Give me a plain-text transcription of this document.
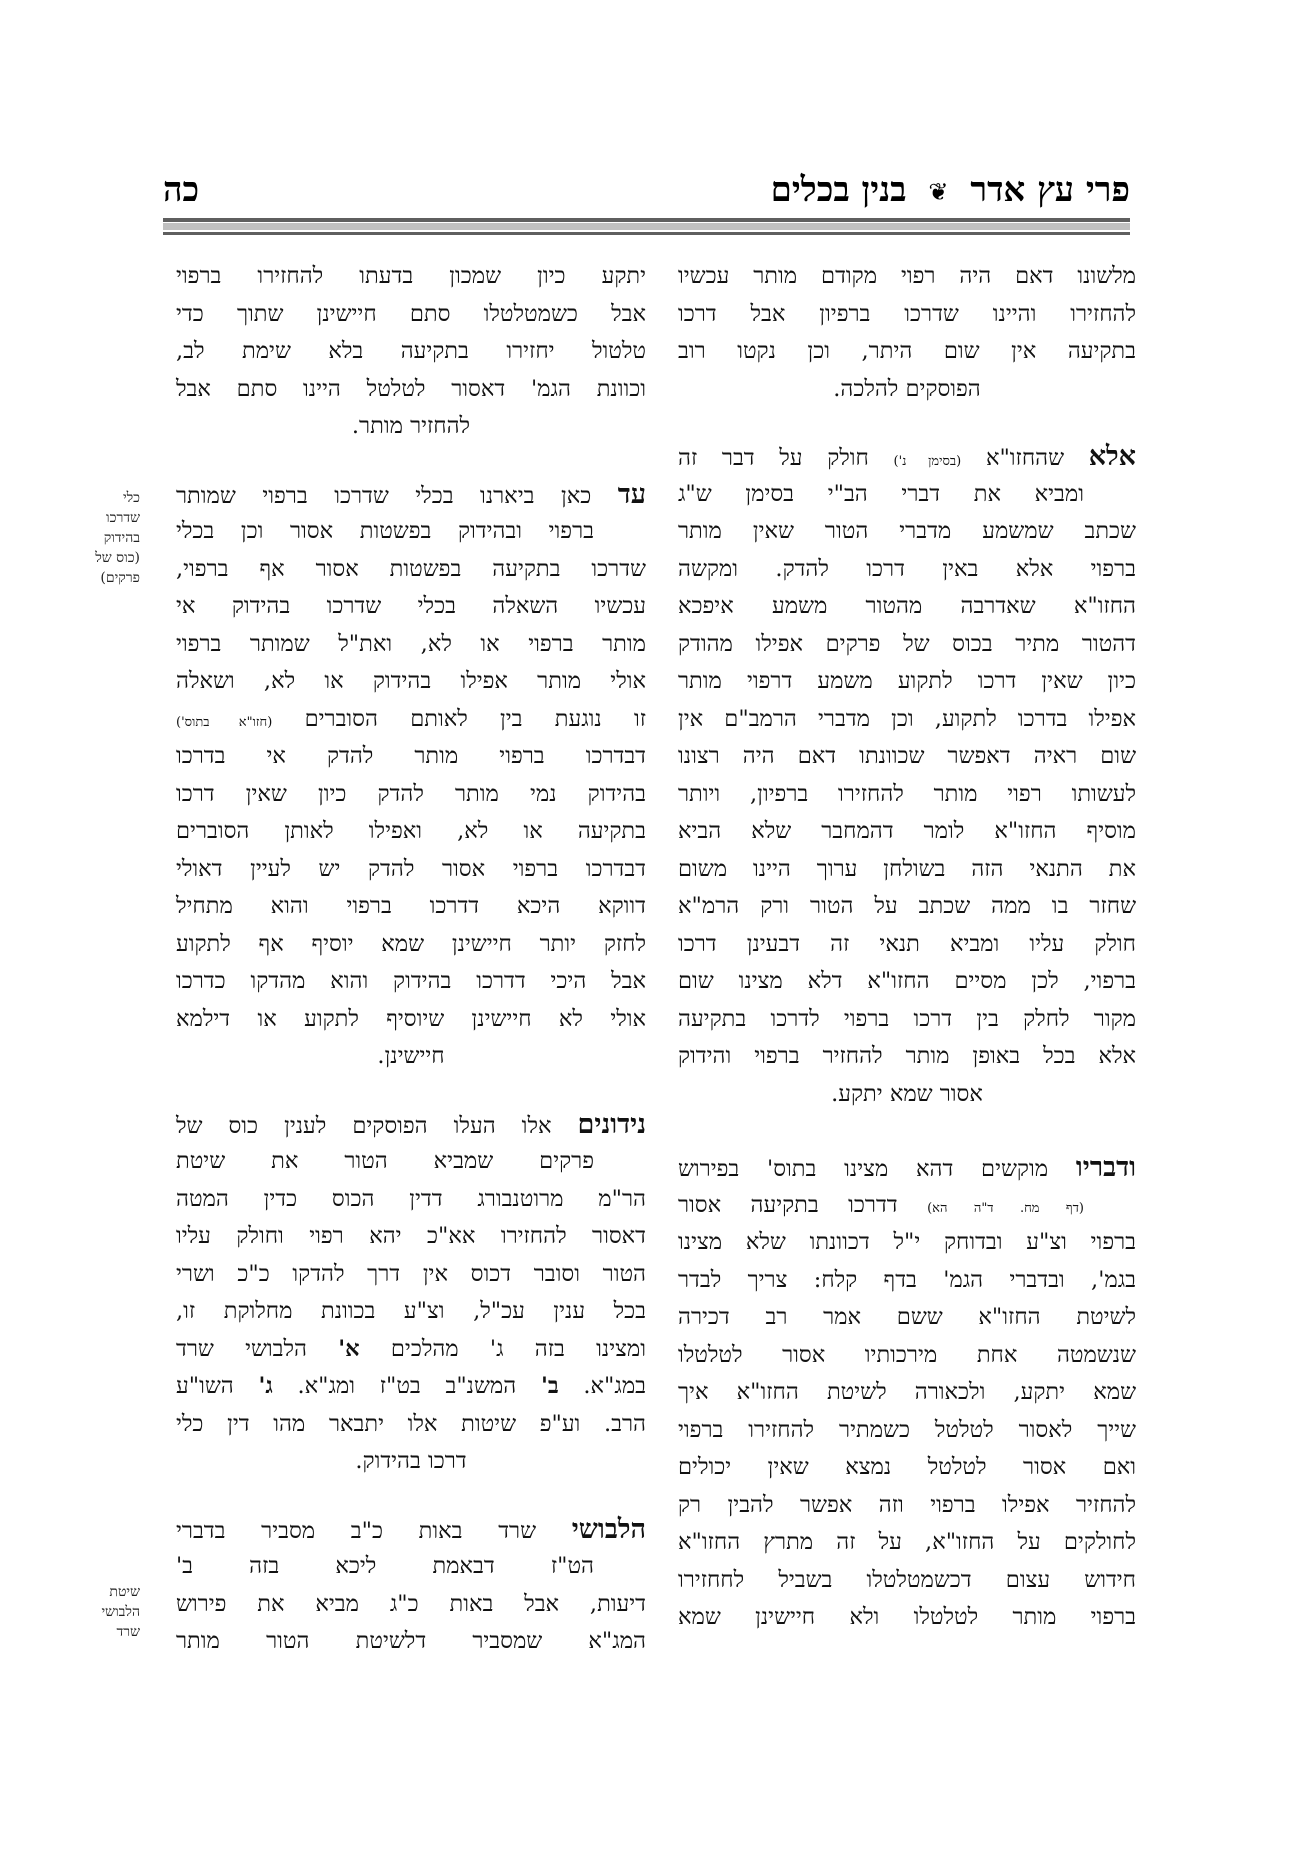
פרי עץ אדר ❦ בנין בכלים
כה
מלשונו דאם היה רפוי מקודם מותר עכשיו
להחזירו והיינו שדרכו ברפיון אבל דרכו
בתקיעה אין שום היתר, וכן נקטו רוב
הפוסקים להלכה.
אלא שהחזו"א (בסימן נ') חולק על דבר זה
ומביא את דברי הב"י בסימן ש"ג
שכתב שמשמע מדברי הטור שאין מותר
ברפוי אלא באין דרכו להדק. ומקשה
החזו"א שאדרבה מהטור משמע איפכא
דהטור מתיר בכוס של פרקים אפילו מהודק
כיון שאין דרכו לתקוע משמע דרפוי מותר
אפילו בדרכו לתקוע, וכן מדברי הרמב"ם אין
שום ראיה דאפשר שכוונתו דאם היה רצונו
לעשותו רפוי מותר להחזירו ברפיון, ויותר
מוסיף החזו"א לומר דהמחבר שלא הביא
את התנאי הזה בשולחן ערוך היינו משום
שחזר בו ממה שכתב על הטור ורק הרמ"א
חולק עליו ומביא תנאי זה דבעינן דרכו
ברפוי, לכן מסיים החזו"א דלא מצינו שום
מקור לחלק בין דרכו ברפוי לדרכו בתקיעה
אלא בכל באופן מותר להחזיר ברפוי והידוק
אסור שמא יתקע.
ודבריו מוקשים דהא מצינו בתוס' בפירוש
(דף מח. ד"ה הא) דדרכו בתקיעה אסור
ברפוי וצ"ע ובדוחק י"ל דכוונתו שלא מצינו
בגמ', ובדברי הגמ' בדף קלח: צריך לבדר
לשיטת החזו"א ששם אמר רב דכירה
שנשמטה אחת מירכותיו אסור לטלטלו
שמא יתקע, ולכאורה לשיטת החזו"א איך
שייך לאסור לטלטל כשמתיר להחזירו ברפוי
ואם אסור לטלטל נמצא שאין יכולים
להחזיר אפילו ברפוי וזה אפשר להבין רק
לחולקים על החזו"א, על זה מתרץ החזו"א
חידוש עצום דכשמטלטלו בשביל לחחזירו
ברפוי מותר לטלטלו ולא חיישינן שמא
יתקע כיון שמכון בדעתו להחזירו ברפוי
אבל כשמטלטלו סתם חיישינן שתוך כדי
טלטול יחזירו בתקיעה בלא שימת לב,
וכוונת הגמ' דאסור לטלטל היינו סתם אבל
להחזיר מותר.
עד כאן ביארנו בכלי שדרכו ברפוי שמותר
ברפוי ובהידוק בפשטות אסור וכן בכלי
שדרכו בתקיעה בפשטות אסור אף ברפוי,
עכשיו השאלה בכלי שדרכו בהידוק אי
מותר ברפוי או לא, ואת"ל שמותר ברפוי
אולי מותר אפילו בהידוק או לא, ושאלה
זו נוגעת בין לאותם הסוברים (חזו"א בתוס')
דבדרכו ברפוי מותר להדק אי בדרכו
בהידוק נמי מותר להדק כיון שאין דרכו
בתקיעה או לא, ואפילו לאותן הסוברים
דבדרכו ברפוי אסור להדק יש לעיין דאולי
דווקא היכא דדרכו ברפוי והוא מתחיל
לחזק יותר חיישינן שמא יוסיף אף לתקוע
אבל היכי דדרכו בהידוק והוא מהדקו כדרכו
אולי לא חיישינן שיוסיף לתקוע או דילמא
חיישינן.
נידונים אלו העלו הפוסקים לענין כוס של
פרקים שמביא הטור את שיטת
הר"מ מרוטנבורג דדין הכוס כדין המטה
דאסור להחזירו אא"כ יהא רפוי וחולק עליו
הטור וסובר דכוס אין דרך להדקו כ"כ ושרי
בכל ענין עכ"ל, וצ"ע בכוונת מחלוקת זו,
ומצינו בזה ג' מהלכים א' הלבושי שרד
במג"א. ב' המשנ"ב בט"ז ומג"א. ג' השו"ע
הרב. וע"פ שיטות אלו יתבאר מהו דין כלי
דרכו בהידוק.
הלבושי שרד באות כ"ב מסביר בדברי
הט"ז דבאמת ליכא בזה ב'
דיעות, אבל באות כ"ג מביא את פירוש
המג"א שמסביר דלשיטת הטור מותר
כלי
שדרכו
בהידוק
(כוס של
פרקים)
שיטת
הלבושי
שרד
